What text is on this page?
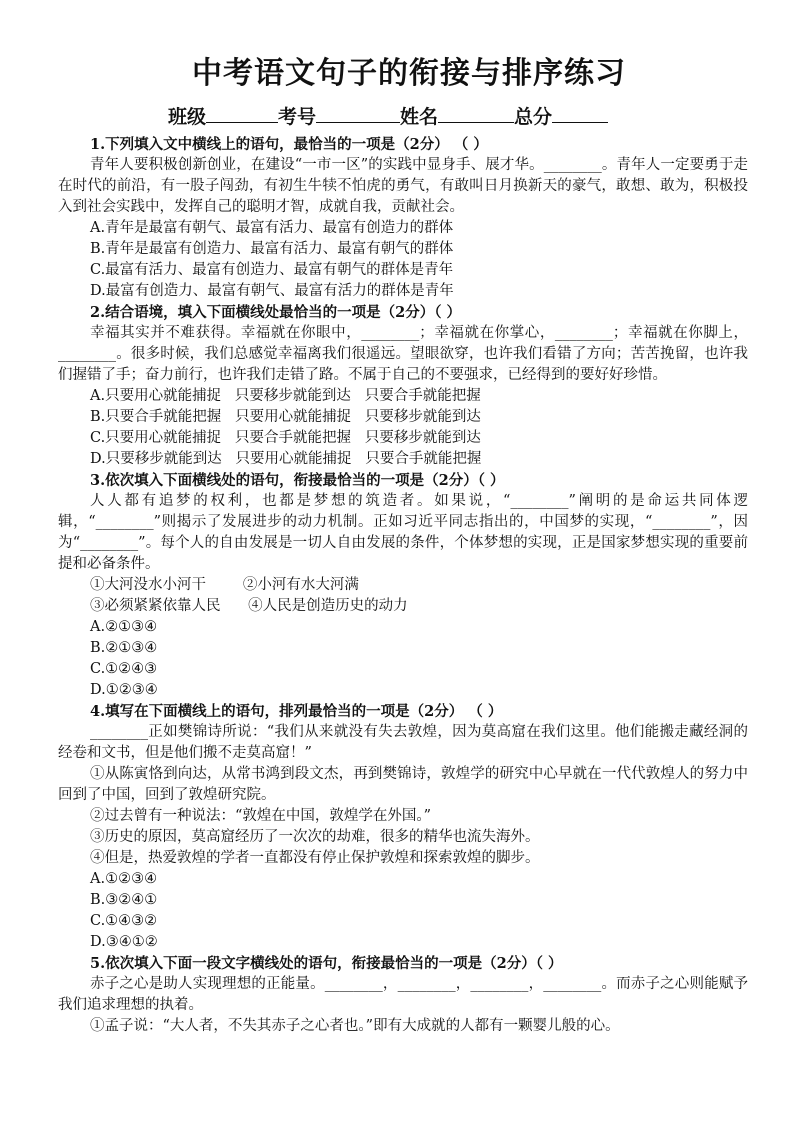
中考语文句子的衔接与排序练习
班级	考号	姓名	总分
1.下列填入文中横线上的语句，最恰当的一项是（2分） （ ）
青年人要积极创新创业，在建设“一市一区”的实践中显身手、展才华。________。青年人一定要勇于走在时代的前沿，有一股子闯劲，有初生牛犊不怕虎的勇气，有敢叫日月换新天的豪气，敢想、敢为，积极投入到社会实践中，发挥自己的聪明才智，成就自我，贡献社会。
A.青年是最富有朝气、最富有活力、最富有创造力的群体
B.青年是最富有创造力、最富有活力、最富有朝气的群体
C.最富有活力、最富有创造力、最富有朝气的群体是青年
D.最富有创造力、最富有朝气、最富有活力的群体是青年
2.结合语境，填入下面横线处最恰当的一项是（2分）（ ）
幸福其实并不难获得。幸福就在你眼中，________；幸福就在你掌心，________；幸福就在你脚上，________。很多时候，我们总感觉幸福离我们很遥远。望眼欲穿，也许我们看错了方向；苦苦挽留，也许我们握错了手；奋力前行，也许我们走错了路。不属于自己的不要强求，已经得到的要好好珍惜。
A.只要用心就能捕捉   只要移步就能到达   只要合手就能把握
B.只要合手就能把握   只要用心就能捕捉   只要移步就能到达
C.只要用心就能捕捉   只要合手就能把握   只要移步就能到达
D.只要移步就能到达   只要用心就能捕捉   只要合手就能把握
3.依次填入下面横线处的语句，衔接最恰当的一项是（2分）（ ）
人人都有追梦的权利，也都是梦想的筑造者。如果说，“________”阐明的是命运共同体逻辑，“________”则揭示了发展进步的动力机制。正如习近平同志指出的，中国梦的实现，“________”，因为“________”。每个人的自由发展是一切人自由发展的条件，个体梦想的实现，正是国家梦想实现的重要前提和必备条件。
①大河没水小河干        ②小河有水大河满
③必须紧紧依靠人民      ④人民是创造历史的动力
A.②①③④
B.②①③④
C.①②④③
D.①②③④
4.填写在下面横线上的语句，排列最恰当的一项是（2分） （ ）
________正如樊锦诗所说：“我们从来就没有失去敦煌，因为莫高窟在我们这里。他们能搬走藏经洞的经卷和文书，但是他们搬不走莫高窟！”
①从陈寅恪到向达，从常书鸿到段文杰，再到樊锦诗，敦煌学的研究中心早就在一代代敦煌人的努力中回到了中国，回到了敦煌研究院。
②过去曾有一种说法：“敦煌在中国，敦煌学在外国。”
③历史的原因，莫高窟经历了一次次的劫难，很多的精华也流失海外。
④但是，热爱敦煌的学者一直都没有停止保护敦煌和探索敦煌的脚步。
A.①②③④
B.③②④①
C.①④③②
D.③④①②
5.依次填入下面一段文字横线处的语句，衔接最恰当的一项是（2分）（ ）
赤子之心是助人实现理想的正能量。________，________，________，________。而赤子之心则能赋予我们追求理想的执着。
①孟子说：“大人者，不失其赤子之心者也。”即有大成就的人都有一颗婴儿般的心。
